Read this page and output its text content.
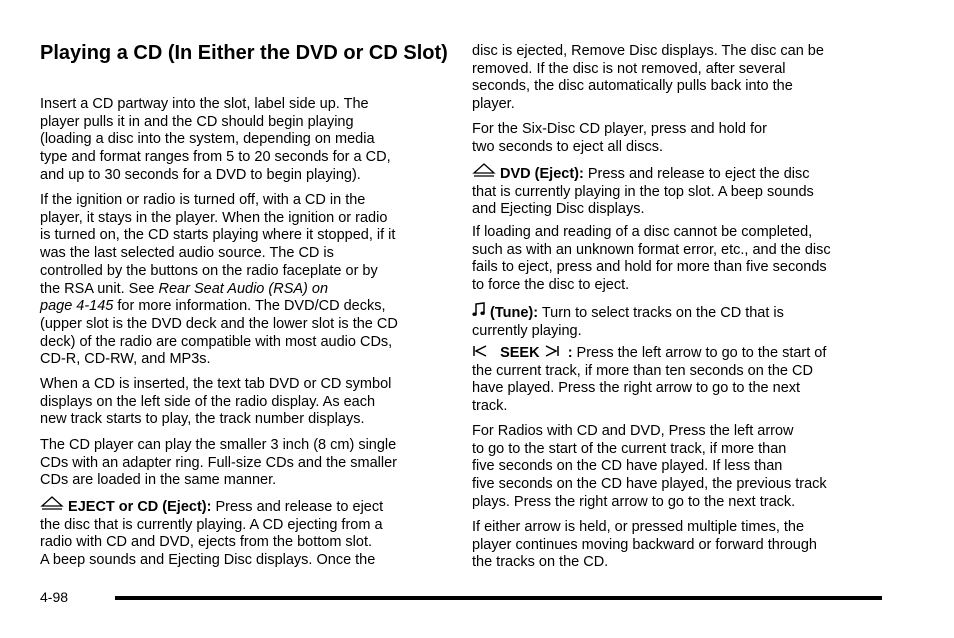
Playing a CD (In Either the DVD or CD Slot)

Insert a CD partway into the slot, label side up. The
player pulls it in and the CD should begin playing
(loading a disc into the system, depending on media
type and format ranges from 5 to 20 seconds for a CD,
and up to 30 seconds for a DVD to begin playing).

If the ignition or radio is turned off, with a CD in the
player, it stays in the player. When the ignition or radio
is turned on, the CD starts playing where it stopped, if it
was the last selected audio source. The CD is
controlled by the buttons on the radio faceplate or by
the RSA unit. See Rear Seat Audio (RSA) on
page 4-145 for more information. The DVD/CD decks,
(upper slot is the DVD deck and the lower slot is the CD
deck) of the radio are compatible with most audio CDs,
CD-R, CD-RW, and MP3s.

When a CD is inserted, the text tab DVD or CD symbol
displays on the left side of the radio display. As each
new track starts to play, the track number displays.

The CD player can play the smaller 3 inch (8 cm) single
CDs with an adapter ring. Full-size CDs and the smaller
CDs are loaded in the same manner.

EJECT or CD (Eject): Press and release to eject
the disc that is currently playing. A CD ejecting from a
radio with CD and DVD, ejects from the bottom slot.
A beep sounds and Ejecting Disc displays. Once the

disc is ejected, Remove Disc displays. The disc can be
removed. If the disc is not removed, after several
seconds, the disc automatically pulls back into the
player.

For the Six-Disc CD player, press and hold for
two seconds to eject all discs.

DVD (Eject): Press and release to eject the disc
that is currently playing in the top slot. A beep sounds
and Ejecting Disc displays.

If loading and reading of a disc cannot be completed,
such as with an unknown format error, etc., and the disc
fails to eject, press and hold for more than five seconds
to force the disc to eject.

(Tune): Turn to select tracks on the CD that is
currently playing.

SEEK : Press the left arrow to go to the start of
the current track, if more than ten seconds on the CD
have played. Press the right arrow to go to the next
track.

For Radios with CD and DVD, Press the left arrow
to go to the start of the current track, if more than
five seconds on the CD have played. If less than
five seconds on the CD have played, the previous track
plays. Press the right arrow to go to the next track.

If either arrow is held, or pressed multiple times, the
player continues moving backward or forward through
the tracks on the CD.

4-98
